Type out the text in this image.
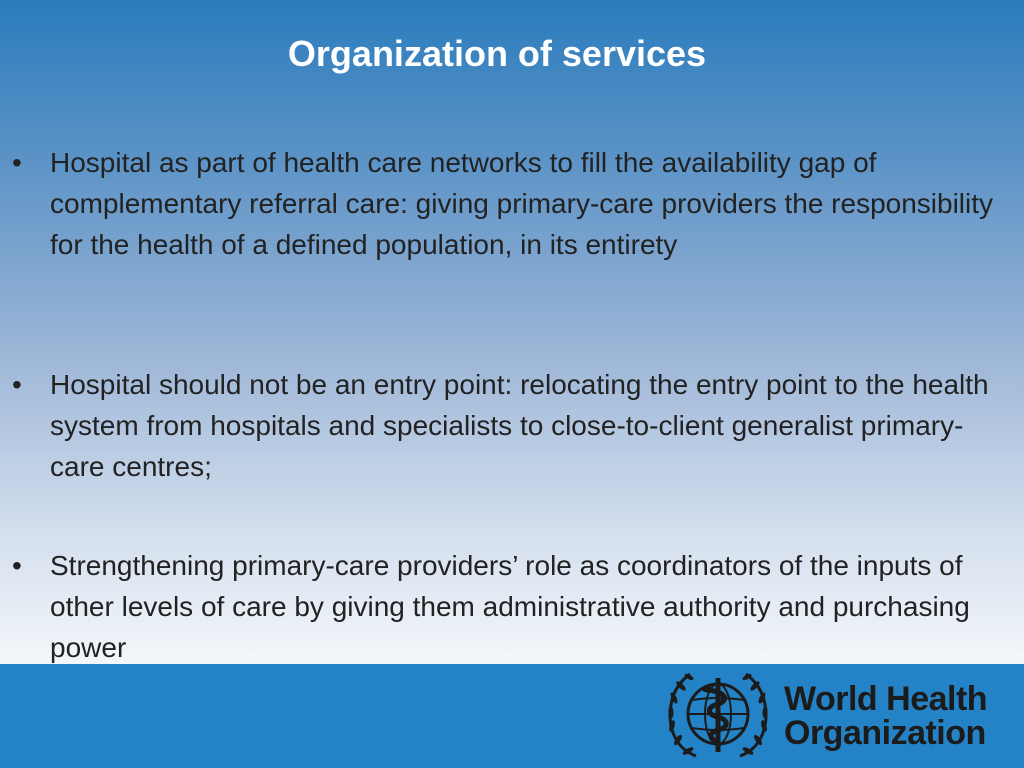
Organization of services
•	Hospital as part of health care networks to fill the availability gap of complementary referral care: giving primary-care providers the responsibility for the health of a defined population, in its entirety
•	Hospital should not be an entry point: relocating the entry point to the health system from hospitals and specialists to close-to-client generalist primary-care centres;
•	Strengthening primary-care providers’ role as coordinators of the inputs of other levels of care by giving them administrative authority and purchasing power
World Health
Organization
